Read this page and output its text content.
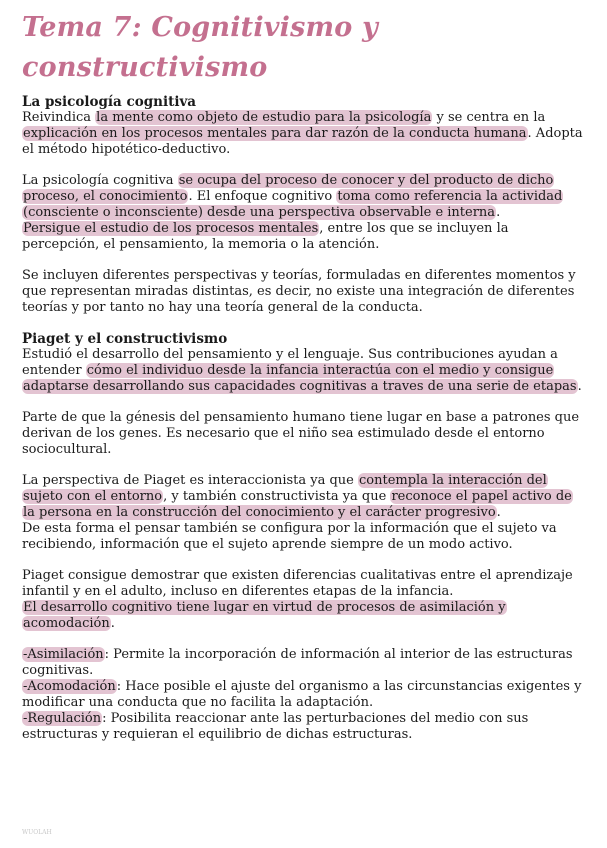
Tema 7: Cognitivismo y constructivismo
La psicología cognitiva

Reivindica la mente como objeto de estudio para la psicología y se centra en la explicación en los procesos mentales para dar razón de la conducta humana. Adopta el método hipotético-deductivo.

La psicología cognitiva se ocupa del proceso de conocer y del producto de dicho proceso, el conocimiento. El enfoque cognitivo toma como referencia la actividad (consciente o inconsciente) desde una perspectiva observable e interna.

Persigue el estudio de los procesos mentales, entre los que se incluyen la percepción, el pensamiento, la memoria o la atención.

Se incluyen diferentes perspectivas y teorías, formuladas en diferentes momentos y que representan miradas distintas, es decir, no existe una integración de diferentes teorías y por tanto no hay una teoría general de la conducta.

Piaget y el constructivismo

Estudió el desarrollo del pensamiento y el lenguaje. Sus contribuciones ayudan a entender cómo el individuo desde la infancia interactúa con el medio y consigue adaptarse desarrollando sus capacidades cognitivas a traves de una serie de etapas.

Parte de que la génesis del pensamiento humano tiene lugar en base a patrones que derivan de los genes. Es necesario que el niño sea estimulado desde el entorno sociocultural.

La perspectiva de Piaget es interaccionista ya que contempla la interacción del sujeto con el entorno, y también constructivista ya que reconoce el papel activo de la persona en la construcción del conocimiento y el carácter progresivo.

De esta forma el pensar también se configura por la información que el sujeto va recibiendo, información que el sujeto aprende siempre de un modo activo.

Piaget consigue demostrar que existen diferencias cualitativas entre el aprendizaje infantil y en el adulto, incluso en diferentes etapas de la infancia.

El desarrollo cognitivo tiene lugar en virtud de procesos de asimilación y acomodación.

-Asimilación: Permite la incorporación de información al interior de las estructuras cognitivas.

-Acomodación: Hace posible el ajuste del organismo a las circunstancias exigentes y modificar una conducta que no facilita la adaptación.

-Regulación: Posibilita reaccionar ante las perturbaciones del medio con sus estructuras y requieran el equilibrio de dichas estructuras.

WUOLAH
